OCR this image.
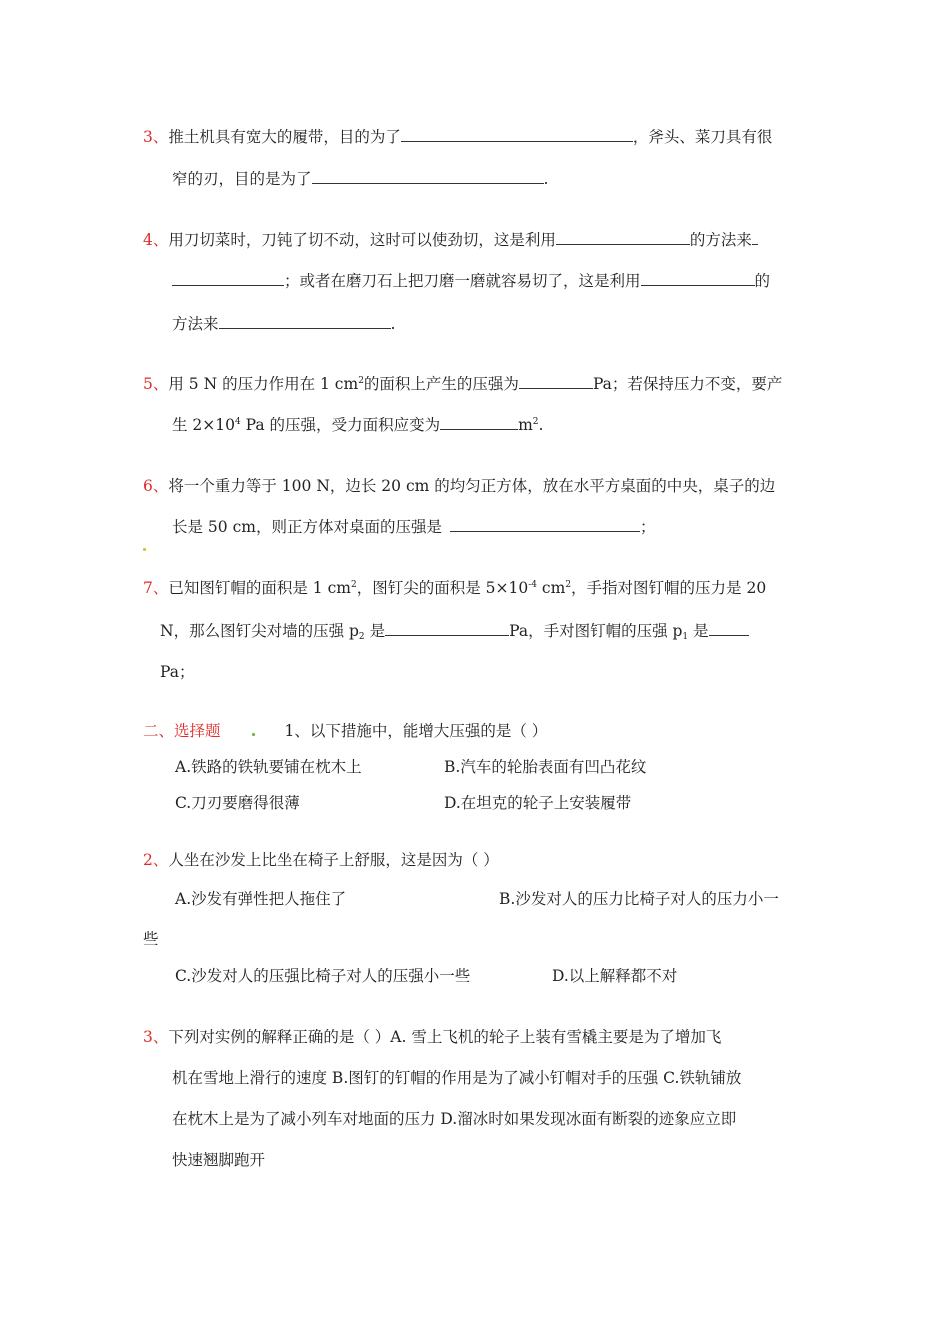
3、推土机具有宽大的履带，目的为了	，斧头、菜刀具有很
窄的刃，目的是为了	.
4、用刀切菜时，刀钝了切不动，这时可以使劲切，这是利用	的方法来
；或者在磨刀石上把刀磨一磨就容易切了，这是利用	的
方法来	.
5、用 5 N 的压力作用在 1 $cm^2$的面积上产生的压强为	Pa；若保持压力不变，要产
生 $2\times 10^4$ Pa 的压强，受力面积应变为	$m^2$.
6、将一个重力等于 100 N，边长 20 cm 的均匀正方体，放在水平方桌面的中央，桌子的边
长是 50 cm，则正方体对桌面的压强是	；
7、已知图钉帽的面积是 1 $cm^2$，图钉尖的面积是 $5\times 10^{-4}$ $cm^2$，手指对图钉帽的压力是 20
N，那么图钉尖对墙的压强 $p_2$ 是	Pa，手对图钉帽的压强 $p_1$ 是
Pa；
二、选择题	1、以下措施中，能增大压强的是（ ）
A.铁路的铁轨要铺在枕木上	B.汽车的轮胎表面有凹凸花纹
C.刀刃要磨得很薄	D.在坦克的轮子上安装履带
2、人坐在沙发上比坐在椅子上舒服，这是因为（ ）
A.沙发有弹性把人拖住了	B.沙发对人的压力比椅子对人的压力小一
些
C.沙发对人的压强比椅子对人的压强小一些	D.以上解释都不对
3、下列对实例的解释正确的是（ ）A. 雪上飞机的轮子上装有雪橇主要是为了增加飞
机在雪地上滑行的速度 B.图钉的钉帽的作用是为了减小钉帽对手的压强 C.铁轨铺放
在枕木上是为了减小列车对地面的压力 D.溜冰时如果发现冰面有断裂的迹象应立即
快速翘脚跑开
